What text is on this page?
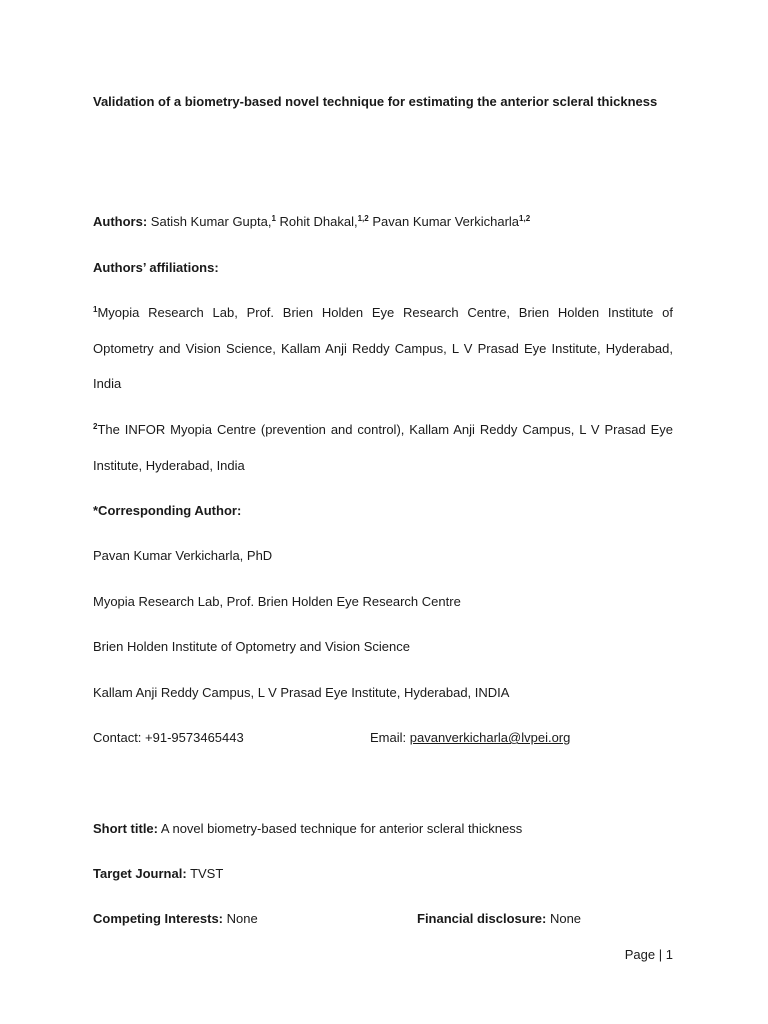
Validation of a biometry-based novel technique for estimating the anterior scleral thickness
Authors: Satish Kumar Gupta,$^1$ Rohit Dhakal,$^{1,2}$ Pavan Kumar Verkicharla$^{1,2}$
Authors’ affiliations:
$^1$Myopia Research Lab, Prof. Brien Holden Eye Research Centre, Brien Holden Institute of Optometry and Vision Science, Kallam Anji Reddy Campus, L V Prasad Eye Institute, Hyderabad, India
$^2$The INFOR Myopia Centre (prevention and control), Kallam Anji Reddy Campus, L V Prasad Eye Institute, Hyderabad, India
*Corresponding Author:
Pavan Kumar Verkicharla, PhD
Myopia Research Lab, Prof. Brien Holden Eye Research Centre
Brien Holden Institute of Optometry and Vision Science
Kallam Anji Reddy Campus, L V Prasad Eye Institute, Hyderabad, INDIA
Contact: +91-9573465443	Email: pavanverkicharla@lvpei.org
Short title: A novel biometry-based technique for anterior scleral thickness
Target Journal: TVST
Competing Interests: None	Financial disclosure: None
Page | 1
